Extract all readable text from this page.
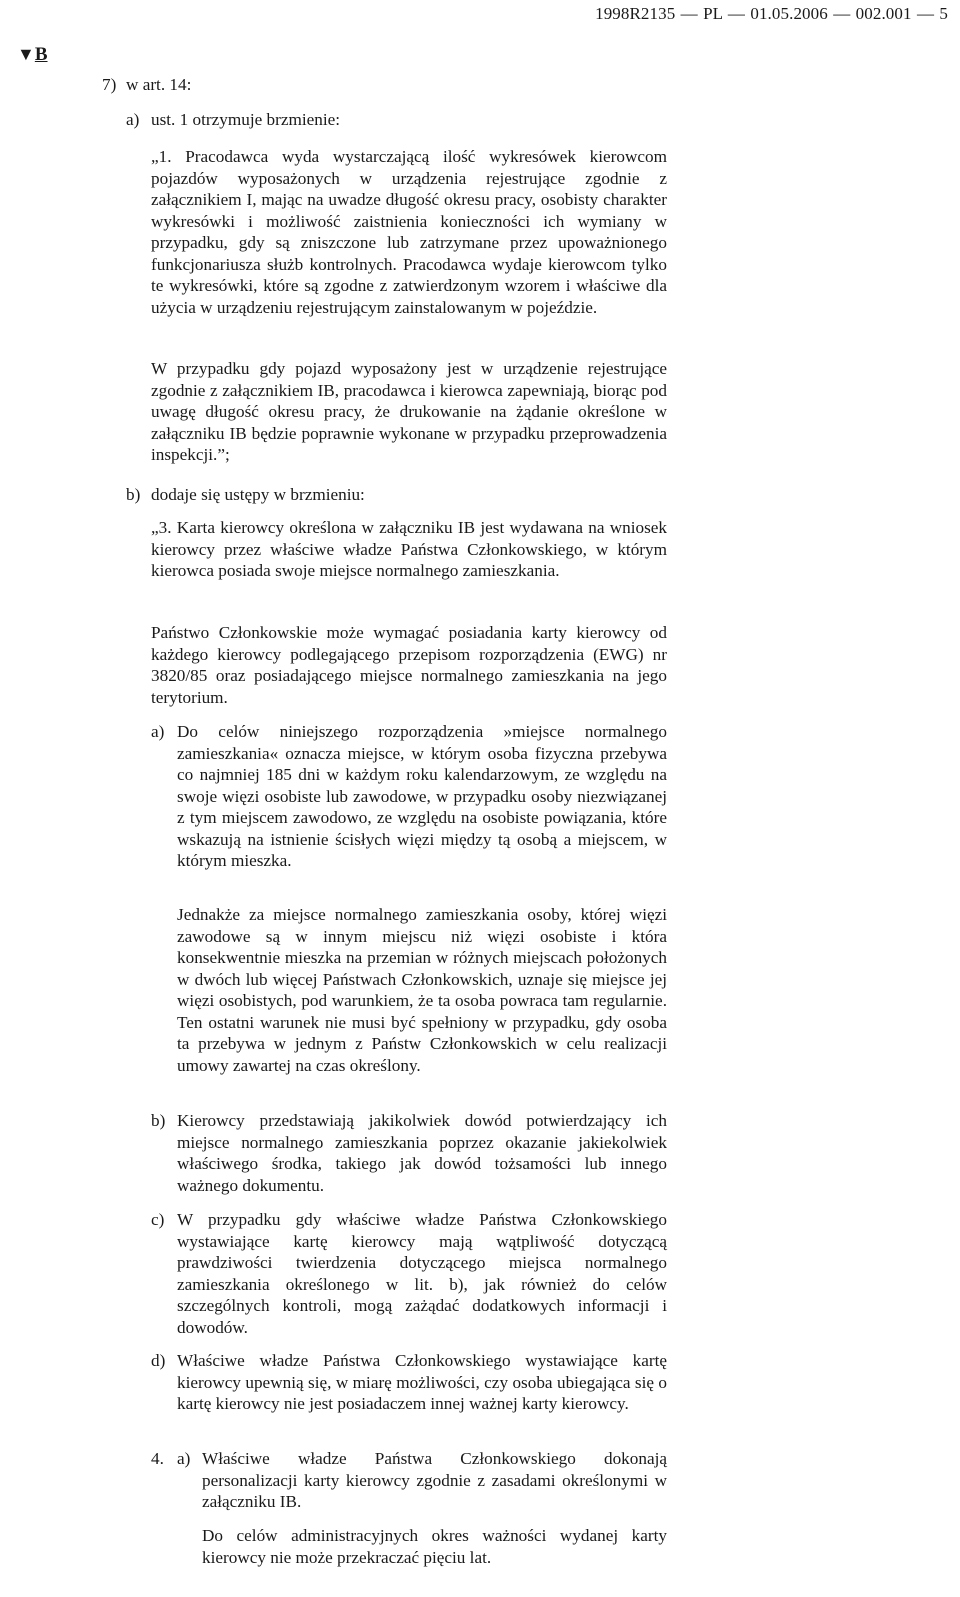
1998R2135 — PL — 01.05.2006 — 002.001 — 5
▼B
7) w art. 14:
a) ust. 1 otrzymuje brzmienie:
„1. Pracodawca wyda wystarczającą ilość wykresówek kierowcom pojazdów wyposażonych w urządzenia rejestrujące zgodnie z załącznikiem I, mając na uwadze długość okresu pracy, osobisty charakter wykresówki i możliwość zaistnienia konieczności ich wymiany w przypadku, gdy są zniszczone lub zatrzymane przez upoważnionego funkcjonariusza służb kontrolnych. Pracodawca wydaje kierowcom tylko te wykresówki, które są zgodne z zatwierdzonym wzorem i właściwe dla użycia w urządzeniu rejestrującym zainstalowanym w pojeździe.
W przypadku gdy pojazd wyposażony jest w urządzenie rejestrujące zgodnie z załącznikiem IB, pracodawca i kierowca zapewniają, biorąc pod uwagę długość okresu pracy, że drukowanie na żądanie określone w załączniku IB będzie poprawnie wykonane w przypadku przeprowadzenia inspekcji.”;
b) dodaje się ustępy w brzmieniu:
„3. Karta kierowcy określona w załączniku IB jest wydawana na wniosek kierowcy przez właściwe władze Państwa Członkowskiego, w którym kierowca posiada swoje miejsce normalnego zamieszkania.
Państwo Członkowskie może wymagać posiadania karty kierowcy od każdego kierowcy podlegającego przepisom rozporządzenia (EWG) nr 3820/85 oraz posiadającego miejsce normalnego zamieszkania na jego terytorium.
a) Do celów niniejszego rozporządzenia »miejsce normalnego zamieszkania« oznacza miejsce, w którym osoba fizyczna przebywa co najmniej 185 dni w każdym roku kalendarzowym, ze względu na swoje więzi osobiste lub zawodowe, w przypadku osoby niezwiązanej z tym miejscem zawodowo, ze względu na osobiste powiązania, które wskazują na istnienie ścisłych więzi między tą osobą a miejscem, w którym mieszka.
Jednakże za miejsce normalnego zamieszkania osoby, której więzi zawodowe są w innym miejscu niż więzi osobiste i która konsekwentnie mieszka na przemian w różnych miejscach położonych w dwóch lub więcej Państwach Członkowskich, uznaje się miejsce jej więzi osobistych, pod warunkiem, że ta osoba powraca tam regularnie. Ten ostatni warunek nie musi być spełniony w przypadku, gdy osoba ta przebywa w jednym z Państw Członkowskich w celu realizacji umowy zawartej na czas określony.
b) Kierowcy przedstawiają jakikolwiek dowód potwierdzający ich miejsce normalnego zamieszkania poprzez okazanie jakiekolwiek właściwego środka, takiego jak dowód tożsamości lub innego ważnego dokumentu.
c) W przypadku gdy właściwe władze Państwa Członkowskiego wystawiające kartę kierowcy mają wątpliwość dotyczącą prawdziwości twierdzenia dotyczącego miejsca normalnego zamieszkania określonego w lit. b), jak również do celów szczególnych kontroli, mogą zażądać dodatkowych informacji i dowodów.
d) Właściwe władze Państwa Członkowskiego wystawiające kartę kierowcy upewnią się, w miarę możliwości, czy osoba ubiegająca się o kartę kierowcy nie jest posiadaczem innej ważnej karty kierowcy.
4. a) Właściwe władze Państwa Członkowskiego dokonają personalizacji karty kierowcy zgodnie z zasadami określonymi w załączniku IB.
Do celów administracyjnych okres ważności wydanej karty kierowcy nie może przekraczać pięciu lat.
